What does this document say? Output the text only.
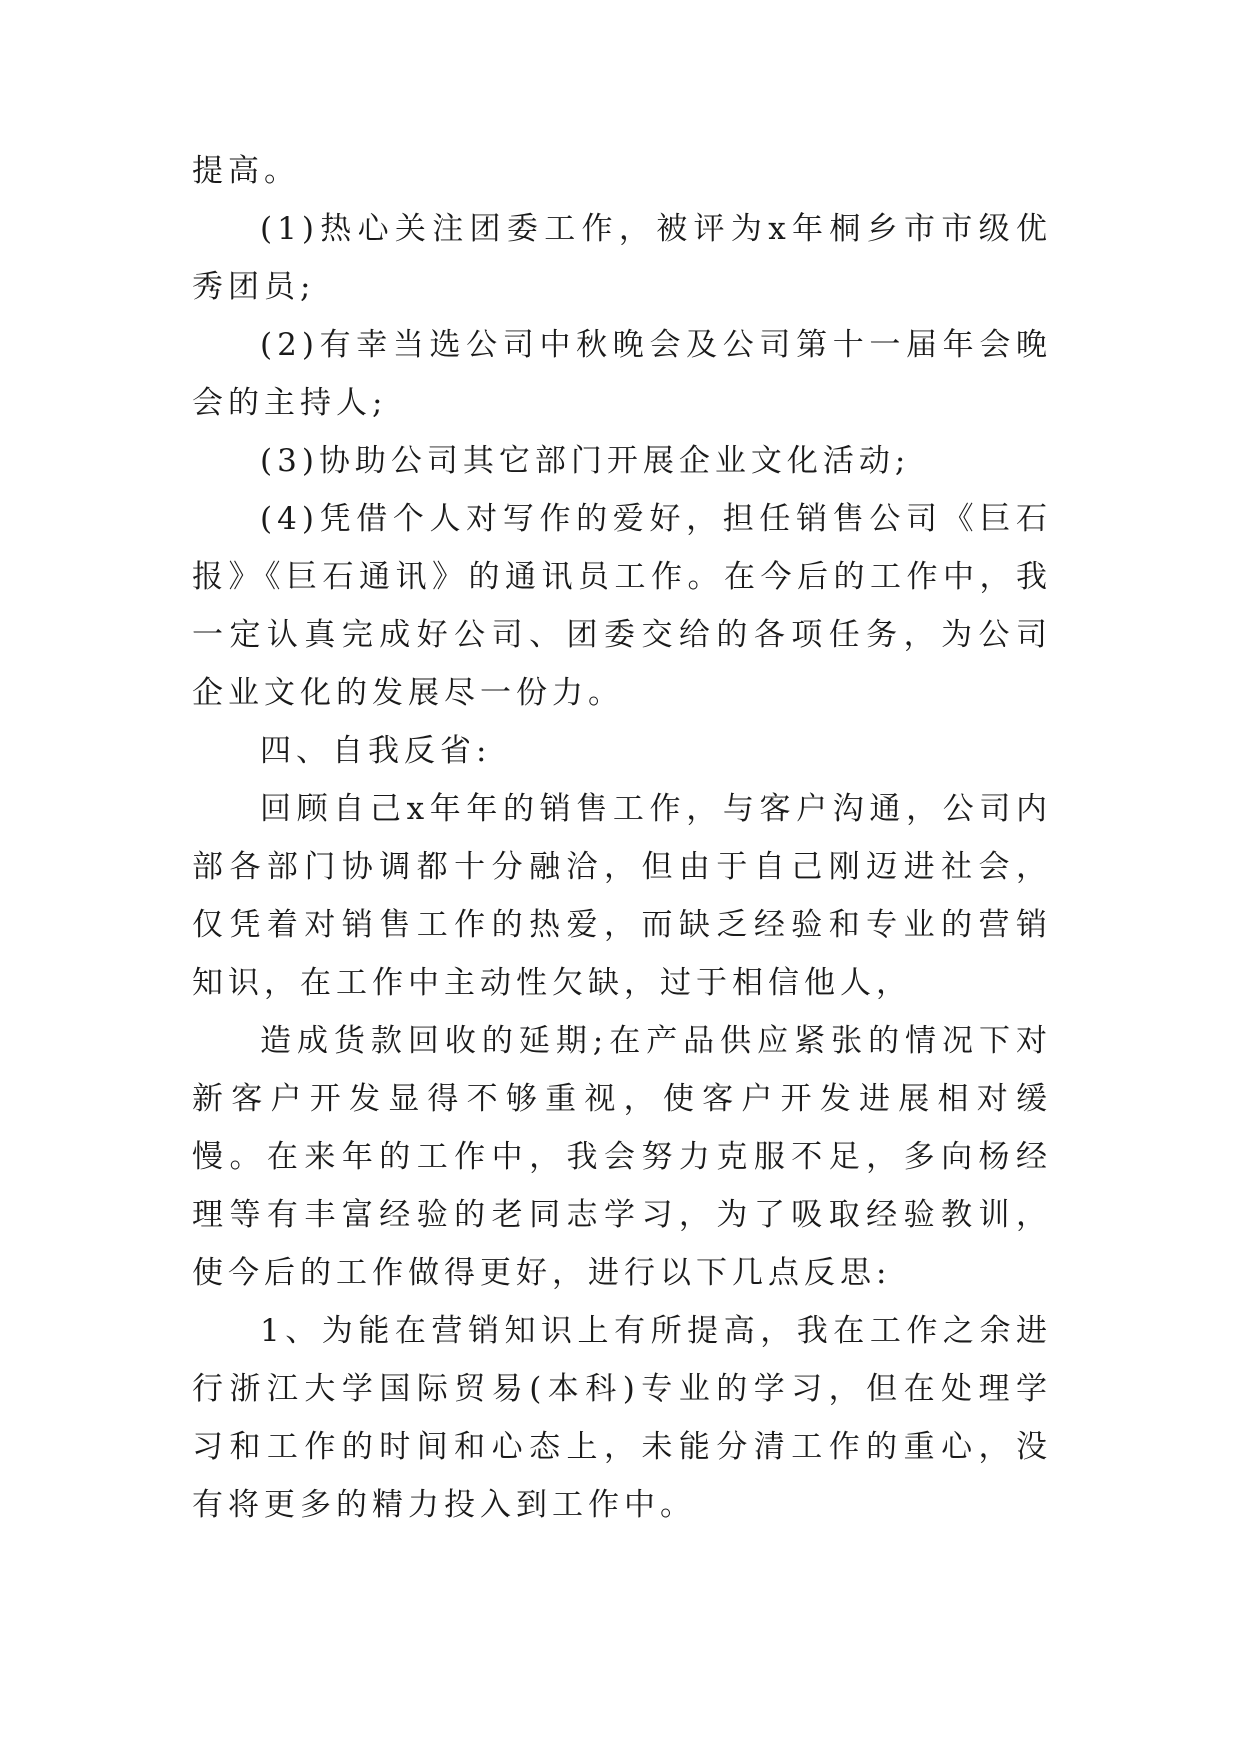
提高。

(1)热心关注团委工作，被评为x年桐乡市市级优秀团员;

(2)有幸当选公司中秋晚会及公司第十一届年会晚会的主持人;

(3)协助公司其它部门开展企业文化活动;

(4)凭借个人对写作的爱好，担任销售公司《巨石报》《巨石通讯》的通讯员工作。在今后的工作中，我一定认真完成好公司、团委交给的各项任务，为公司企业文化的发展尽一份力。

四、自我反省:

回顾自己x年年的销售工作，与客户沟通，公司内部各部门协调都十分融洽，但由于自己刚迈进社会，仅凭着对销售工作的热爱，而缺乏经验和专业的营销知识，在工作中主动性欠缺，过于相信他人，

造成货款回收的延期;在产品供应紧张的情况下对新客户开发显得不够重视，使客户开发进展相对缓慢。在来年的工作中，我会努力克服不足，多向杨经理等有丰富经验的老同志学习，为了吸取经验教训，使今后的工作做得更好，进行以下几点反思:

1、为能在营销知识上有所提高，我在工作之余进行浙江大学国际贸易(本科)专业的学习，但在处理学习和工作的时间和心态上，未能分清工作的重心，没有将更多的精力投入到工作中。
